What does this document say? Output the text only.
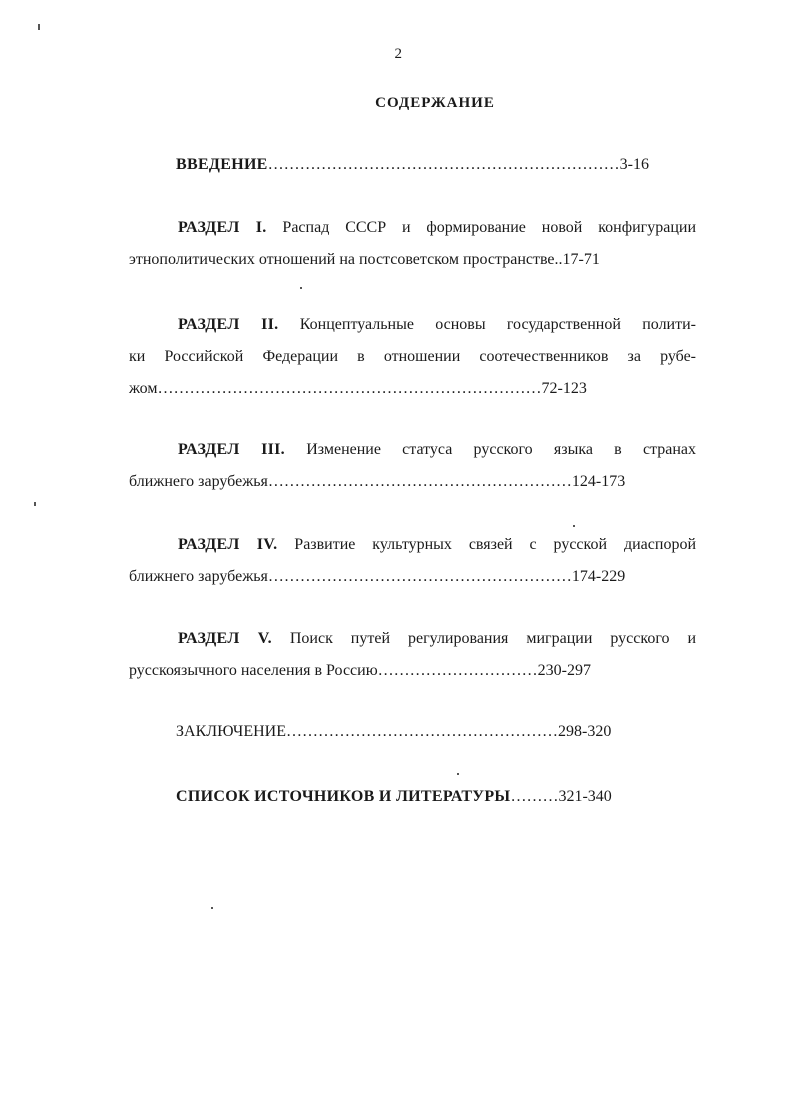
2
СОДЕРЖАНИЕ
ВВЕДЕНИЕ…………………………………………………………3-16
РАЗДЕЛ I. Распад СССР и формирование новой конфигурации
этнополитических отношений на постсоветском пространстве..17-71
РАЗДЕЛ II. Концептуальные основы государственной полити-
ки Российской Федерации в отношении соотечественников за рубе-
жом………………………………………………………………72-123
РАЗДЕЛ III. Изменение статуса русского языка в странах
ближнего зарубежья…………………………………………………124-173
РАЗДЕЛ IV. Развитие культурных связей с русской диаспорой
ближнего зарубежья…………………………………………………174-229
РАЗДЕЛ V. Поиск путей регулирования миграции русского и
русскоязычного населения в Россию…………………………230-297
ЗАКЛЮЧЕНИЕ……………………………………………298-320
СПИСОК ИСТОЧНИКОВ И ЛИТЕРАТУРЫ………321-340
